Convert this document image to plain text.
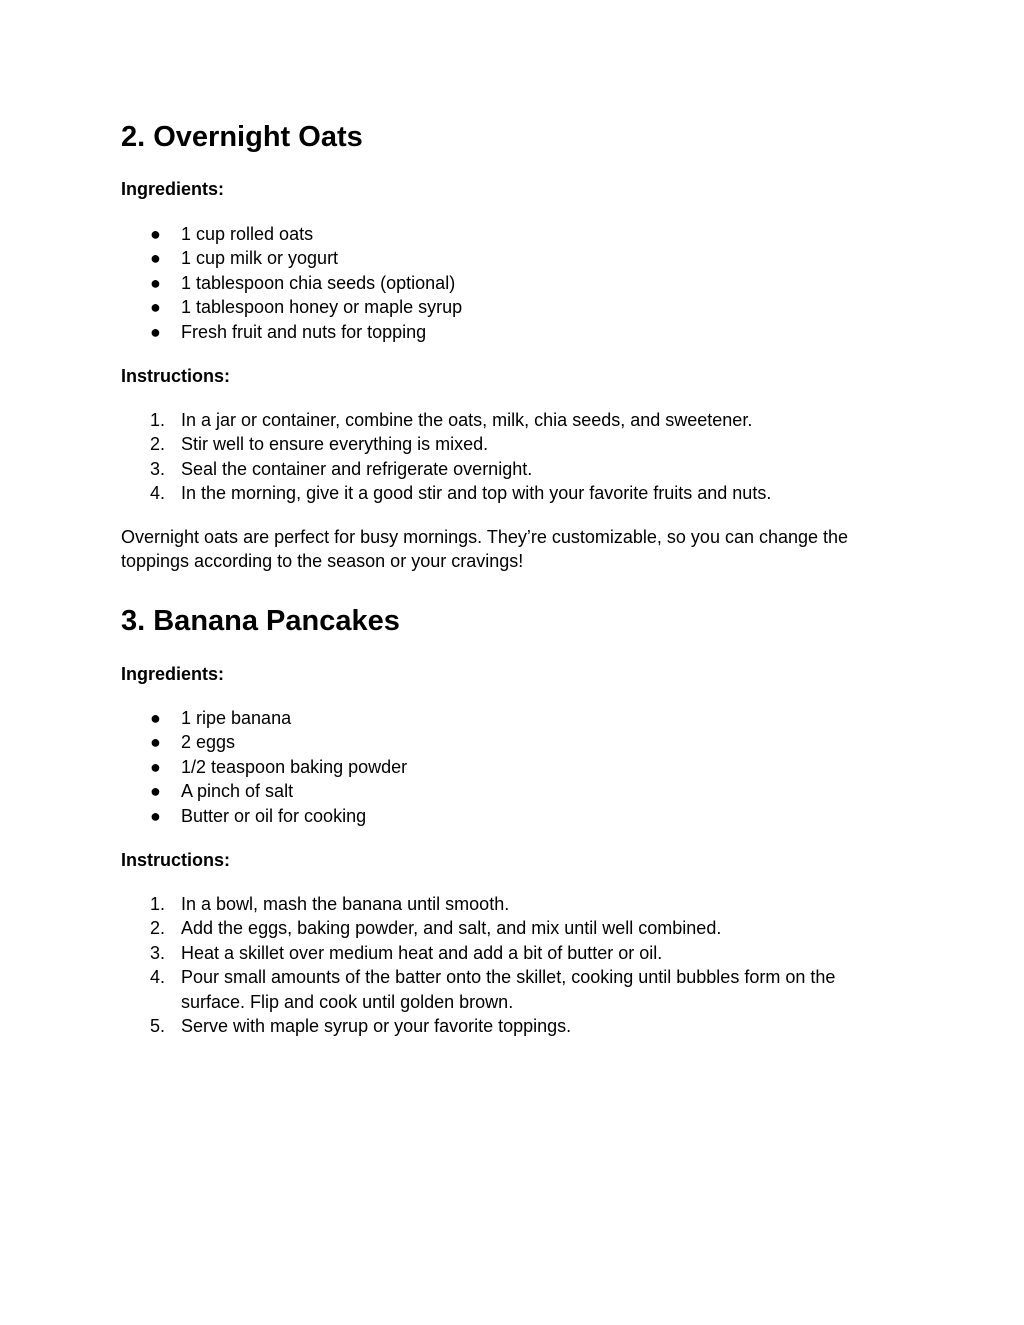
2. Overnight Oats
Ingredients:
● 1 cup rolled oats
● 1 cup milk or yogurt
● 1 tablespoon chia seeds (optional)
● 1 tablespoon honey or maple syrup
● Fresh fruit and nuts for topping
Instructions:
1. In a jar or container, combine the oats, milk, chia seeds, and sweetener.
2. Stir well to ensure everything is mixed.
3. Seal the container and refrigerate overnight.
4. In the morning, give it a good stir and top with your favorite fruits and nuts.

Overnight oats are perfect for busy mornings. They’re customizable, so you can change the toppings according to the season or your cravings!

3. Banana Pancakes
Ingredients:
● 1 ripe banana
● 2 eggs
● 1/2 teaspoon baking powder
● A pinch of salt
● Butter or oil for cooking
Instructions:
1. In a bowl, mash the banana until smooth.
2. Add the eggs, baking powder, and salt, and mix until well combined.
3. Heat a skillet over medium heat and add a bit of butter or oil.
4. Pour small amounts of the batter onto the skillet, cooking until bubbles form on the surface. Flip and cook until golden brown.
5. Serve with maple syrup or your favorite toppings.
